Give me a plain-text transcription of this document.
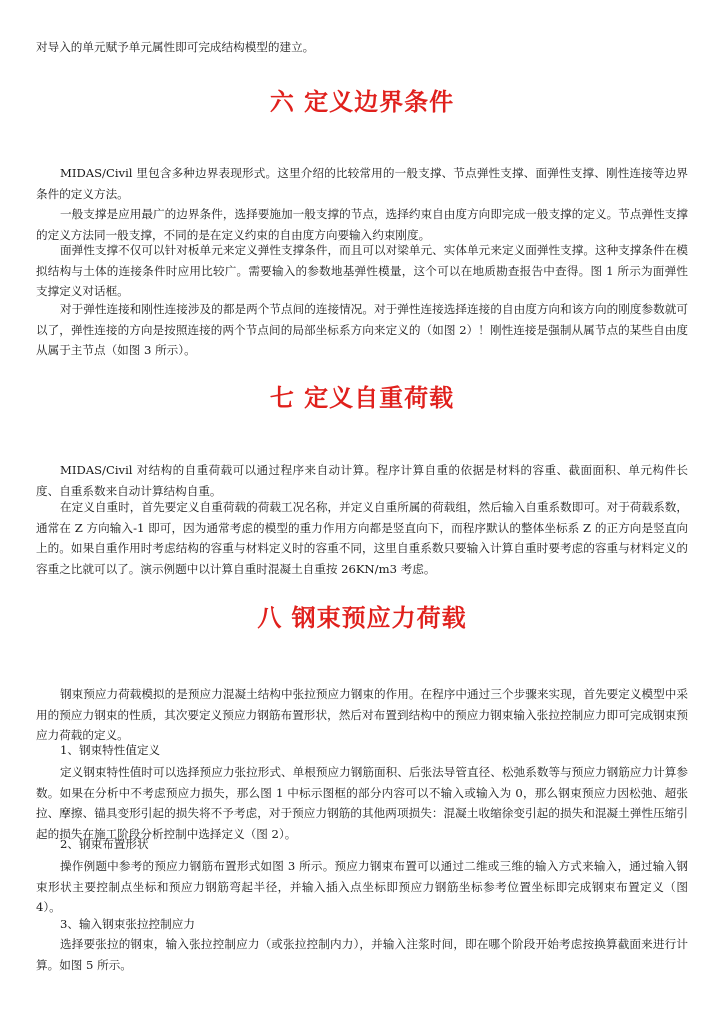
对导入的单元赋予单元属性即可完成结构模型的建立。

六 定义边界条件

MIDAS/Civil 里包含多种边界表现形式。这里介绍的比较常用的一般支撑、节点弹性支撑、面弹性支撑、刚性连接等边界条件的定义方法。

一般支撑是应用最广的边界条件，选择要施加一般支撑的节点，选择约束自由度方向即完成一般支撑的定义。节点弹性支撑的定义方法同一般支撑，不同的是在定义约束的自由度方向要输入约束刚度。

面弹性支撑不仅可以针对板单元来定义弹性支撑条件，而且可以对梁单元、实体单元来定义面弹性支撑。这种支撑条件在模拟结构与土体的连接条件时应用比较广。需要输入的参数地基弹性模量，这个可以在地质勘查报告中查得。图 1 所示为面弹性支撑定义对话框。

对于弹性连接和刚性连接涉及的都是两个节点间的连接情况。对于弹性连接选择连接的自由度方向和该方向的刚度参数就可以了，弹性连接的方向是按照连接的两个节点间的局部坐标系方向来定义的（如图 2）！刚性连接是强制从属节点的某些自由度从属于主节点（如图 3 所示）。

七 定义自重荷载

MIDAS/Civil 对结构的自重荷载可以通过程序来自动计算。程序计算自重的依据是材料的容重、截面面积、单元构件长度、自重系数来自动计算结构自重。

在定义自重时，首先要定义自重荷载的荷载工况名称，并定义自重所属的荷载组，然后输入自重系数即可。对于荷载系数，通常在 Z 方向输入-1 即可，因为通常考虑的模型的重力作用方向都是竖直向下，而程序默认的整体坐标系 Z 的正方向是竖直向上的。如果自重作用时考虑结构的容重与材料定义时的容重不同，这里自重系数只要输入计算自重时要考虑的容重与材料定义的容重之比就可以了。演示例题中以计算自重时混凝土自重按 26KN/m3 考虑。

八 钢束预应力荷载

钢束预应力荷载模拟的是预应力混凝土结构中张拉预应力钢束的作用。在程序中通过三个步骤来实现，首先要定义模型中采用的预应力钢束的性质，其次要定义预应力钢筋布置形状，然后对布置到结构中的预应力钢束输入张拉控制应力即可完成钢束预应力荷载的定义。

1、钢束特性值定义

定义钢束特性值时可以选择预应力张拉形式、单根预应力钢筋面积、后张法导管直径、松弛系数等与预应力钢筋应力计算参数。如果在分析中不考虑预应力损失，那么图 1 中标示图框的部分内容可以不输入或输入为 0，那么钢束预应力因松弛、超张拉、摩擦、锚具变形引起的损失将不予考虑，对于预应力钢筋的其他两项损失：混凝土收缩徐变引起的损失和混凝土弹性压缩引起的损失在施工阶段分析控制中选择定义（图 2）。

2、钢束布置形状

操作例题中参考的预应力钢筋布置形式如图 3 所示。预应力钢束布置可以通过二维或三维的输入方式来输入，通过输入钢束形状主要控制点坐标和预应力钢筋弯起半径，并输入插入点坐标即预应力钢筋坐标参考位置坐标即完成钢束布置定义（图 4）。

3、输入钢束张拉控制应力

选择要张拉的钢束，输入张拉控制应力（或张拉控制内力），并输入注浆时间，即在哪个阶段开始考虑按换算截面来进行计算。如图 5 所示。
